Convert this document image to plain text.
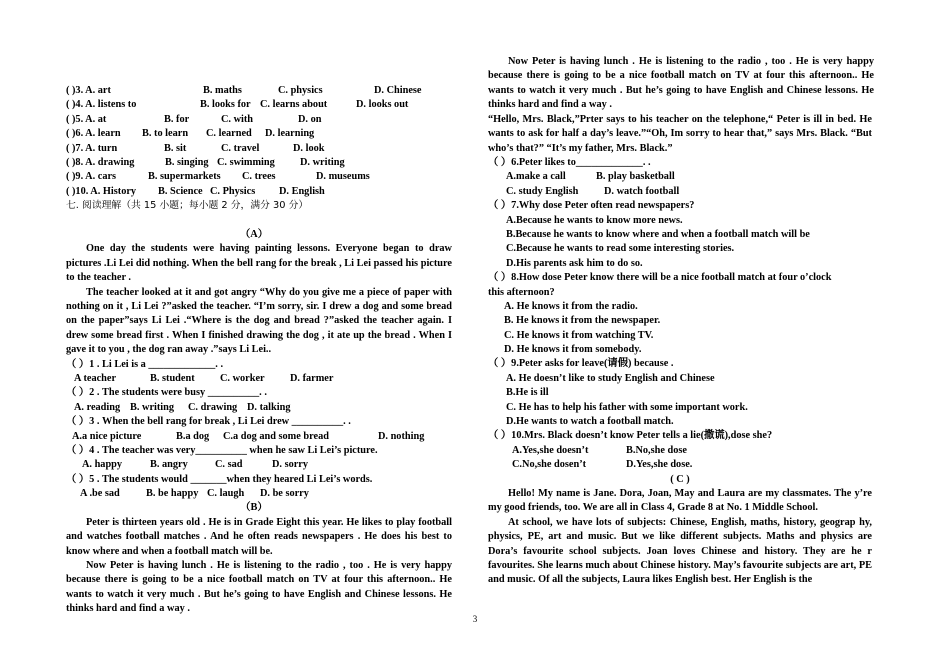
( )3. A. art	B. maths	C. physics	D. Chinese
( )4. A. listens to	B. looks for C. learns about	D. looks out
( )5. A. at	B. for	C. with	D. on
( )6. A. learn B. to learn C. learned D. learning
( )7. A. turn	B. sit	C. travel	D. look
( )8. A. drawing	B. singing C. swimming D. writing
( )9. A. cars	B. supermarkets C. trees	D. museums
( )10. A. History B. Science C. Physics D. English
七. 阅读理解（共 15 小题；每小题 2 分，满分 30 分）
（A）

One day the students were having painting lessons. Everyone began to draw pictures .Li Lei did nothing. When the bell rang for the break , Li Lei passed his picture to the teacher .

The teacher looked at it and got angry “Why do you give me a piece of paper with nothing on it , Li Lei ?”asked the teacher. “I’m sorry, sir. I drew a dog and some bread on the paper”says Li Lei .“Where is the dog and bread ?”asked the teacher again. I drew some bread first . When I finished drawing the dog , it ate up the bread . When I gave it to you , the dog ran away .”says Li Lei..

（ ）1 . Li Lei is a _____________. .
A teacher	B. student C. worker D. farmer
（ ）2 . The students were busy __________. .
A. reading B. writing C. drawing D. talking
（ ）3 . When the bell rang for break , Li Lei drew __________. .
A.a nice picture	B.a dog C.a dog and some bread	D. nothing
（ ）4 . The teacher was very__________ when he saw Li Lei’s picture.
A. happy	B. angry	C. sad	D. sorry
（ ）5 . The students would _______when they heared Li Lei’s words.
A .be sad	B. be happy C. laugh D. be sorry
（B）

Peter is thirteen years old . He is in Grade Eight this year. He likes to play football and watches football matches . And he often reads newspapers . He does his best to know where and when a football match will be.

Now Peter is having lunch . He is listening to the radio , too . He is very happy because there is going to be a nice football match on TV at four this afternoon.. He wants to watch it very much . But he’s going to have English and Chinese lessons. He thinks hard and find a way .

Now Peter is having lunch . He is listening to the radio , too . He is very happy because there is going to be a nice football match on TV at four this afternoon.. He wants to watch it very much . But he’s going to have English and Chinese lessons. He thinks hard and find a way .

“Hello, Mrs. Black,”Prter says to his teacher on the telephone,“ Peter is ill in bed. He wants to ask for half a day’s leave.”“Oh, Im sorry to hear that,” says Mrs. Black. “But who’s that?” “It’s my father, Mrs. Black.”

（ ）6.Peter likes to_____________. .
A.make a call	B. play basketball
C. study English D. watch football
（ ）7.Why dose Peter often read newspapers?
A.Because he wants to know more news.
B.Because he wants to know where and when a football match will be
C.Because he wants to read some interesting stories.
D.His parents ask him to do so.
（ ）8.How dose Peter know there will be a nice football match at four o’clock
this afternoon?
A. He knows it from the radio.
B. He knows it from the newspaper.
C. He knows it from watching TV.
D. He knows it from somebody.
（ ）9.Peter asks for leave(请假) because .
A. He doesn’t like to study English and Chinese
B.He is ill
C. He has to help his father with some important work.
D.He wants to watch a football match.
（ ）10.Mrs. Black doesn’t know Peter tells a lie(撒谎),dose she?
A.Yes,she doesn’t	B.No,she dose
C.No,she dosen’t	D.Yes,she dose.
( C )

Hello! My name is Jane. Dora, Joan, May and Laura are my classmates. The y’re my good friends, too. We are all in Class 4, Grade 8 at No. 1 Middle School.

At school, we have lots of subjects: Chinese, English, maths, history, geograp hy, physics, PE, art and music. But we like different subjects. Maths and physics are Dora’s favourite school subjects. Joan loves Chinese and history. They are he r favourites. She learns much about Chinese history. May’s favourite subjects are art, PE and music. Of all the subjects, Laura likes English best. Her English is the

3
